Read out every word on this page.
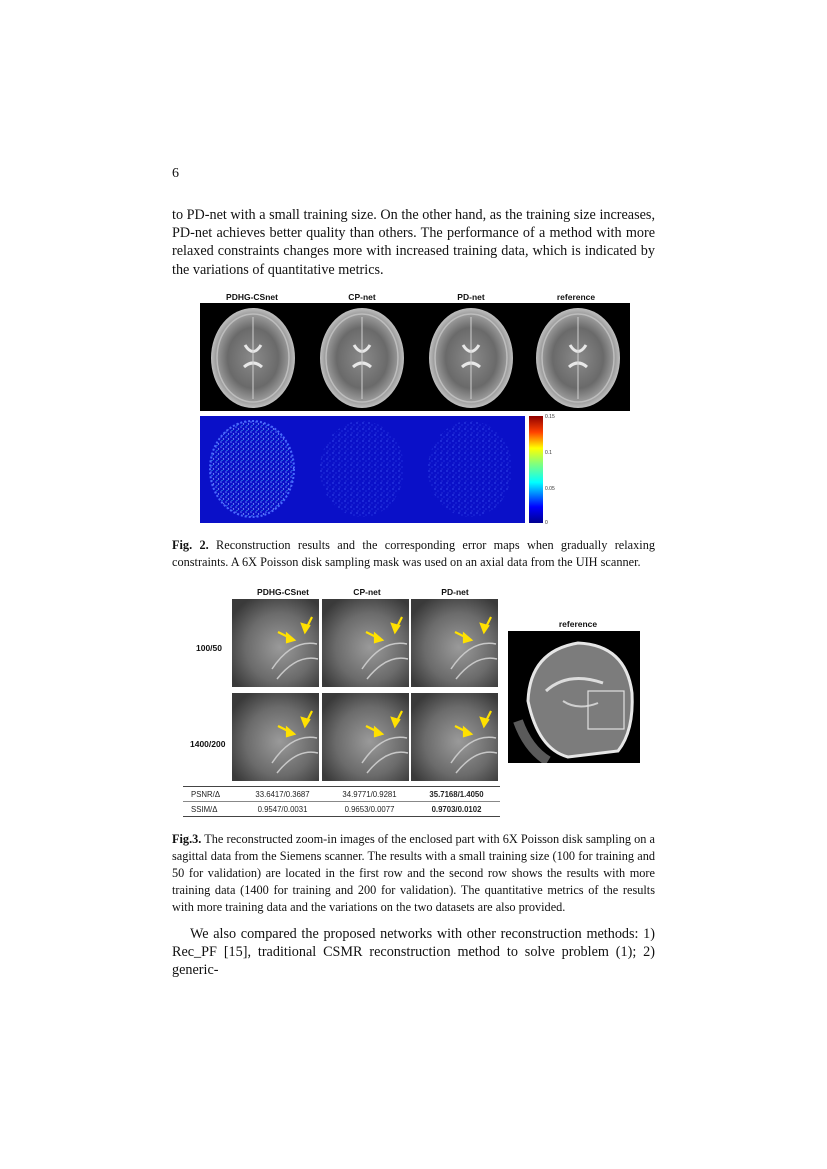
6

to PD-net with a small training size. On the other hand, as the training size increases, PD-net achieves better quality than others. The performance of a method with more relaxed constraints changes more with increased training data, which is indicated by the variations of quantitative metrics.

PDHG-CSnet	CP-net	PD-net	reference
0.15
0.1
0.05
0

Fig. 2. Reconstruction results and the corresponding error maps when gradually relaxing constraints. A 6X Poisson disk sampling mask was used on an axial data from the UIH scanner.

PDHG-CSnet	CP-net	PD-net
100/50
1400/200
reference
PSNR/Δ	33.6417/0.3687	34.9771/0.9281	35.7168/1.4050
SSIM/Δ	0.9547/0.0031	0.9653/0.0077	0.9703/0.0102

Fig.3. The reconstructed zoom-in images of the enclosed part with 6X Poisson disk sampling on a sagittal data from the Siemens scanner. The results with a small training size (100 for training and 50 for validation) are located in the first row and the second row shows the results with more training data (1400 for training and 200 for validation). The quantitative metrics of the results with more training data and the variations on the two datasets are also provided.

We also compared the proposed networks with other reconstruction methods: 1) Rec_PF [15], traditional CSMR reconstruction method to solve problem (1); 2) generic-
